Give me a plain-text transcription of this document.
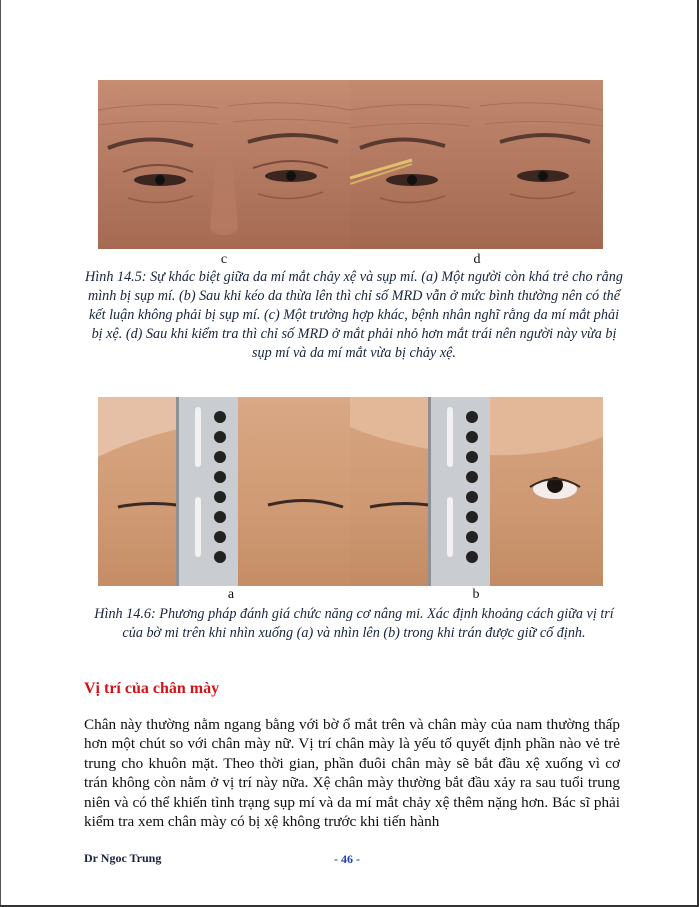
c	d
Hình 14.5: Sự khác biệt giữa da mí mắt chảy xệ và sụp mí. (a) Một người còn khá trẻ cho rằng mình bị sụp mí. (b) Sau khi kéo da thừa lên thì chỉ số MRD vẫn ở mức bình thường nên có thể kết luận không phải bị sụp mí. (c) Một trường hợp khác, bệnh nhân nghĩ rằng da mí mắt phải bị xệ. (d) Sau khi kiểm tra thì chỉ số MRD ở mắt phải nhỏ hơn mắt trái nên người này vừa bị sụp mí và da mí mắt vừa bị chảy xệ.
a	b
Hình 14.6: Phương pháp đánh giá chức năng cơ nâng mi. Xác định khoảng cách giữa vị trí của bờ mi trên khi nhìn xuống (a) và nhìn lên (b) trong khi trán được giữ cố định.
Vị trí của chân mày
Chân này thường nằm ngang bằng với bờ ổ mắt trên và chân mày của nam thường thấp hơn một chút so với chân mày nữ. Vị trí chân mày là yếu tố quyết định phần nào vẻ trẻ trung cho khuôn mặt. Theo thời gian, phần đuôi chân mày sẽ bắt đầu xệ xuống vì cơ trán không còn nằm ở vị trí này nữa. Xệ chân mày thường bắt đầu xảy ra sau tuổi trung niên và có thể khiến tình trạng sụp mí và da mí mắt chảy xệ thêm nặng hơn. Bác sĩ phải kiểm tra xem chân mày có bị xệ không trước khi tiến hành
Dr Ngoc Trung	- 46 -
